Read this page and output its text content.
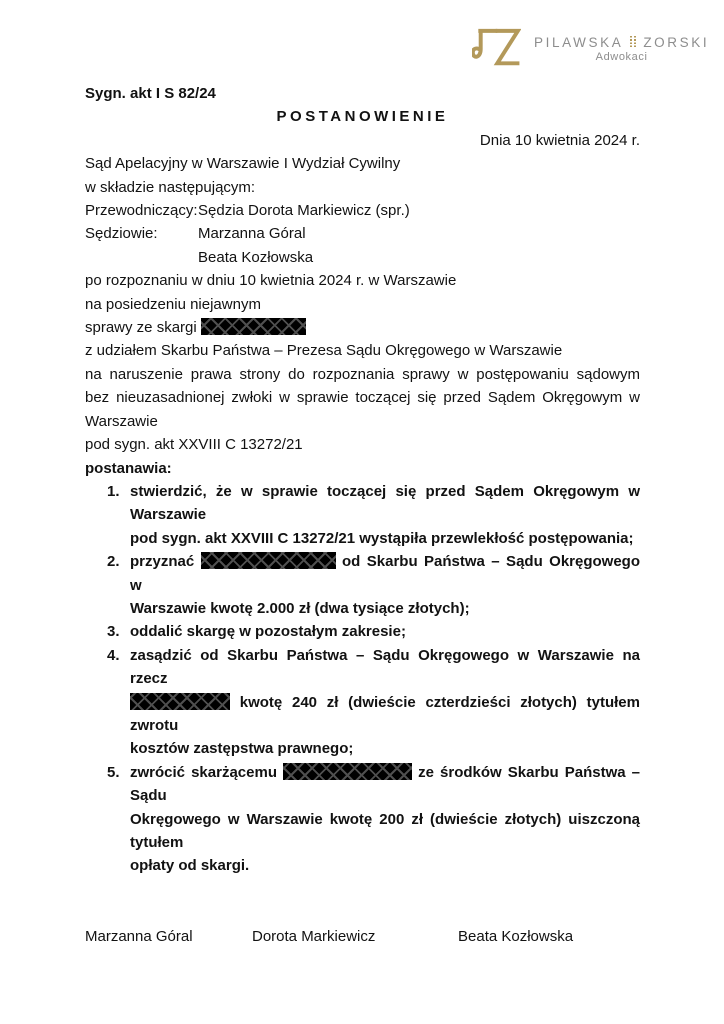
PILAWSKA ZORSKI
Adwokaci
Sygn. akt I S 82/24
POSTANOWIENIE
Dnia 10 kwietnia 2024 r.
Sąd Apelacyjny w Warszawie I Wydział Cywilny
w składzie następującym:
Przewodniczący:Sędzia Dorota Markiewicz (spr.)
Sędziowie:	Marzanna Góral
Beata Kozłowska
po rozpoznaniu w dniu 10 kwietnia 2024 r. w Warszawie
na posiedzeniu niejawnym
sprawy ze skargi
z udziałem Skarbu Państwa – Prezesa Sądu Okręgowego w Warszawie
na naruszenie prawa strony do rozpoznania sprawy w postępowaniu sądowym
bez nieuzasadnionej zwłoki w sprawie toczącej się przed Sądem Okręgowym w Warszawie
pod sygn. akt XXVIII C 13272/21
postanawia:
1. stwierdzić, że w sprawie toczącej się przed Sądem Okręgowym w Warszawie
pod sygn. akt XXVIII C 13272/21 wystąpiła przewlekłość postępowania;
2. przyznać	od Skarbu Państwa – Sądu Okręgowego w
Warszawie kwotę 2.000 zł (dwa tysiące złotych);
3. oddalić skargę w pozostałym zakresie;
4. zasądzić od Skarbu Państwa – Sądu Okręgowego w Warszawie na rzecz
kwotę 240 zł (dwieście czterdzieści złotych) tytułem zwrotu
kosztów zastępstwa prawnego;
5. zwrócić skarżącemu	ze środków Skarbu Państwa – Sądu
Okręgowego w Warszawie kwotę 200 zł (dwieście złotych) uiszczoną tytułem
opłaty od skargi.
Marzanna Góral	Dorota Markiewicz	Beata Kozłowska
